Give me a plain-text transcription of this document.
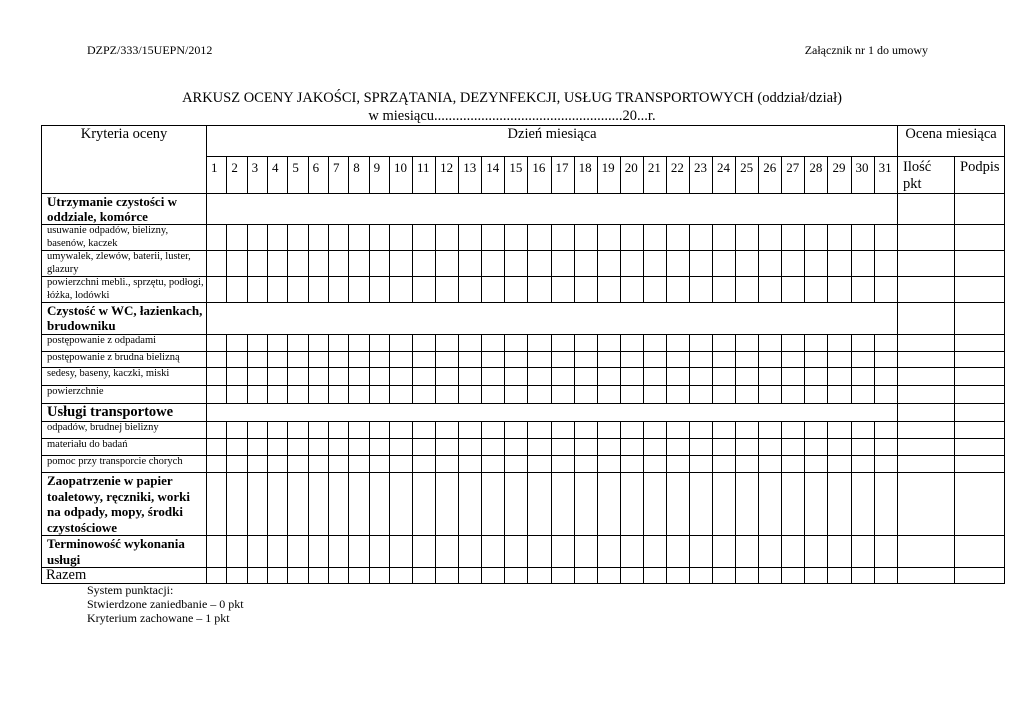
DZPZ/333/15UEPN/2012	Załącznik nr 1 do umowy
ARKUSZ OCENY JAKOŚCI, SPRZĄTANIA, DEZYNFEKCJI, USŁUG TRANSPORTOWYCH (oddział/dział)
w miesiącu....................................................20...r.
Kryteria oceny	Dzień miesiąca																															Ocena miesiąca	
	1	2	3	4	5	6	7	8	9	10	11	12	13	14	15	16	17	18	19	20	21	22	23	24	25	26	27	28	29	30	31	Ilość pkt	Podpis
Utrzymanie czystości w oddziale, komórce																																	
usuwanie odpadów, bielizny, basenów, kaczek																																	
umywalek, zlewów, baterii, luster, glazury																																	
powierzchni mebli., sprzętu, podłogi, łóżka, lodówki																																	
Czystość w WC, łazienkach, brudowniku																																	
postępowanie z odpadami																																	
postępowanie z brudna bielizną																																	
sedesy, baseny, kaczki, miski																																	
powierzchnie																																	
Usługi transportowe																																	
odpadów, brudnej bielizny																																	
materiału do badań																																	
pomoc przy transporcie chorych																																	
Zaopatrzenie w papier toaletowy, ręczniki, worki na odpady, mopy, środki czystościowe																																	
Terminowość wykonania usługi																																	
Razem																																	
System punktacji:
Stwierdzone zaniedbanie – 0 pkt
Kryterium zachowane – 1 pkt
